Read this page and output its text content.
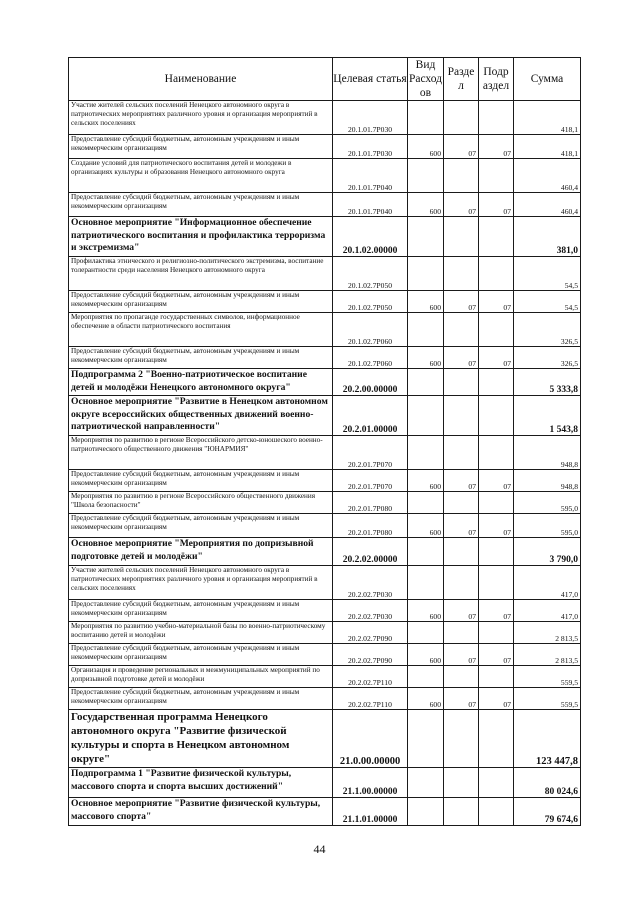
Наименование	Целевая статья	Вид Расход ов	Разде л	Подр аздел	Сумма
Участие жителей сельских поселений Ненецкого автономного округа в патриотических мероприятиях различного уровня и организация мероприятий в сельских поселениях	20.1.01.7Р030				418,1
Предоставление субсидий бюджетным, автономным учреждениям и иным некоммерческим организациям	20.1.01.7Р030	600	07	07	418,1
Создание условий для патриотического воспитания детей и молодежи в организациях культуры и образования Ненецкого автономного округа	20.1.01.7Р040				460,4
Предоставление субсидий бюджетным, автономным учреждениям и иным некоммерческим организациям	20.1.01.7Р040	600	07	07	460,4
Основное мероприятие "Информационное обеспечение патриотического воспитания и профилактика терроризма и экстремизма"	20.1.02.00000				381,0
Профилактика этнического и религиозно-политического экстремизма, воспитание толерантности среди населения Ненецкого автономного округа	20.1.02.7Р050				54,5
Предоставление субсидий бюджетным, автономным учреждениям и иным некоммерческим организациям	20.1.02.7Р050	600	07	07	54,5
Мероприятия по пропаганде государственных символов, информационное обеспечение в области патриотического воспитания	20.1.02.7Р060				326,5
Предоставление субсидий бюджетным, автономным учреждениям и иным некоммерческим организациям	20.1.02.7Р060	600	07	07	326,5
Подпрограмма 2 "Военно-патриотическое воспитание детей и молодёжи Ненецкого автономного округа"	20.2.00.00000				5 333,8
Основное мероприятие "Развитие в Ненецком автономном округе всероссийских общественных движений военно-патриотической направленности"	20.2.01.00000				1 543,8
Мероприятия по развитию в регионе Всероссийского детско-юношеского военно-патриотического общественного движения "ЮНАРМИЯ"	20.2.01.7Р070				948,8
Предоставление субсидий бюджетным, автономным учреждениям и иным некоммерческим организациям	20.2.01.7Р070	600	07	07	948,8
Мероприятия по развитию в регионе Всероссийского общественного движения "Школа безопасности"	20.2.01.7Р080				595,0
Предоставление субсидий бюджетным, автономным учреждениям и иным некоммерческим организациям	20.2.01.7Р080	600	07	07	595,0
Основное мероприятие "Мероприятия по допризывной подготовке детей и молодёжи"	20.2.02.00000				3 790,0
Участие жителей сельских поселений Ненецкого автономного округа в патриотических мероприятиях различного уровня и организация мероприятий в сельских поселениях	20.2.02.7Р030				417,0
Предоставление субсидий бюджетным, автономным учреждениям и иным некоммерческим организациям	20.2.02.7Р030	600	07	07	417,0
Мероприятия по развитию учебно-материальной базы по военно-патриотическому воспитанию детей и молодёжи	20.2.02.7Р090				2 813,5
Предоставление субсидий бюджетным, автономным учреждениям и иным некоммерческим организациям	20.2.02.7Р090	600	07	07	2 813,5
Организация и проведение региональных и межмуниципальных мероприятий по допризывной подготовке детей и молодёжи	20.2.02.7Р110				559,5
Предоставление субсидий бюджетным, автономным учреждениям и иным некоммерческим организациям	20.2.02.7Р110	600	07	07	559,5
Государственная программа Ненецкого автономного округа "Развитие физической культуры и спорта в Ненецком автономном округе"	21.0.00.00000				123 447,8
Подпрограмма 1 "Развитие физической культуры, массового спорта и спорта высших достижений"	21.1.00.00000				80 024,6
Основное мероприятие "Развитие физической культуры, массового спорта"	21.1.01.00000				79 674,6
44
